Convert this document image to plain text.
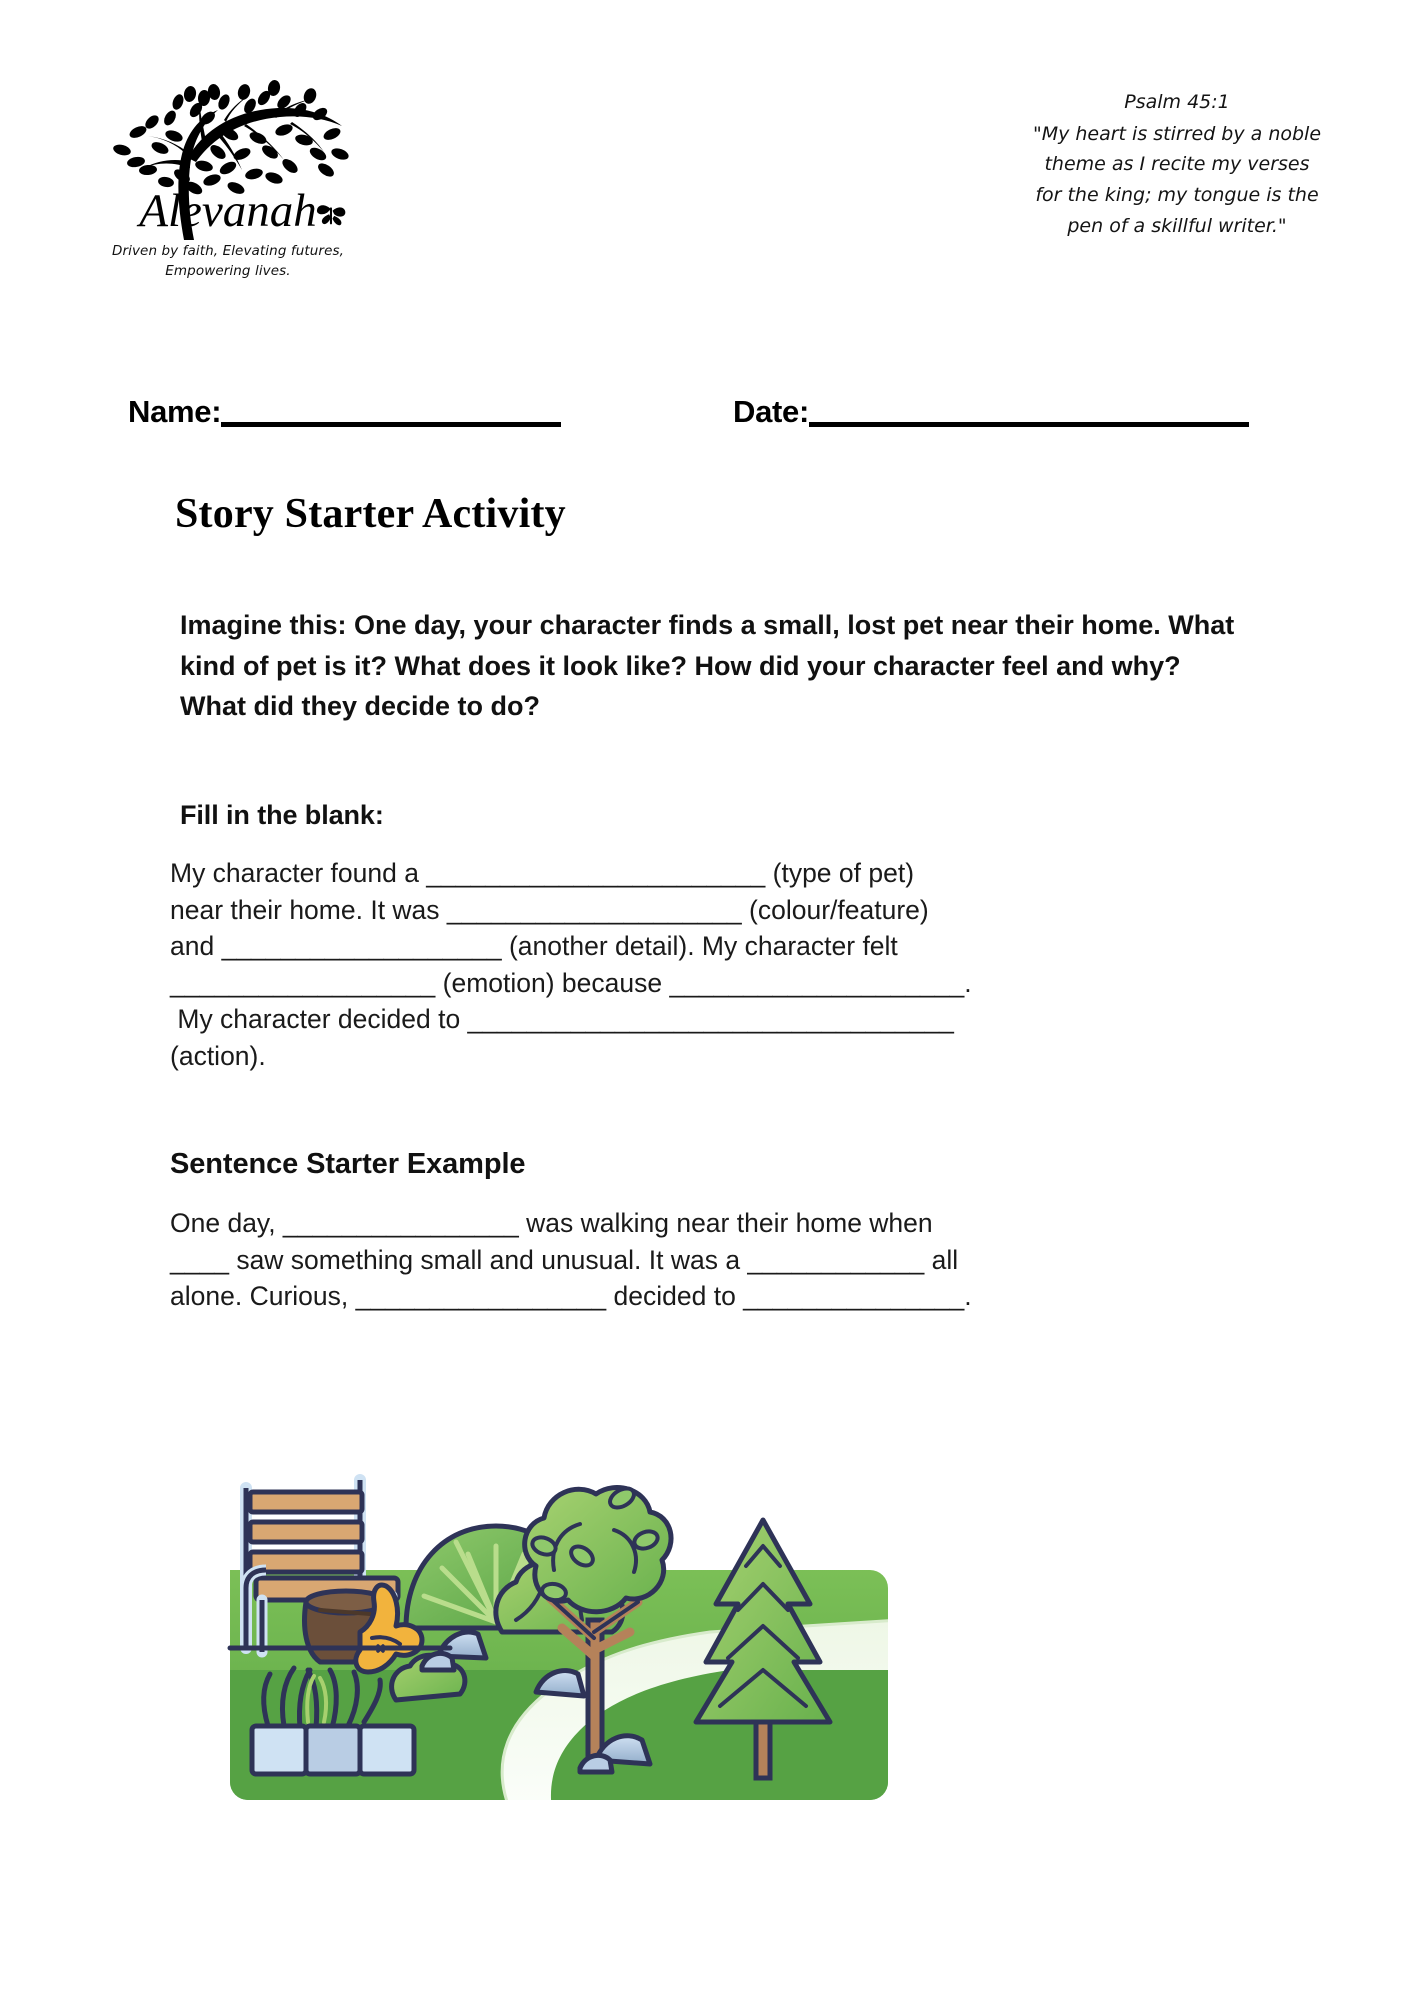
Alevanah
Driven by faith, Elevating futures,
Empowering lives.
Psalm 45:1
"My heart is stirred by a noble
theme as I recite my verses
for the king; my tongue is the
pen of a skillful writer."
Name:	Date:
Story Starter Activity
Imagine this: One day, your character finds a small, lost pet near their home. What kind of pet is it? What does it look like? How did your character feel and why? What did they decide to do?
Fill in the blank:
My character found a _______________________ (type of pet)
near their home. It was ____________________ (colour/feature)
and ___________________ (another detail). My character felt
__________________ (emotion) because ____________________.
My character decided to _________________________________
(action).
Sentence Starter Example
One day, ________________ was walking near their home when
____ saw something small and unusual. It was a ____________ all
alone. Curious, _________________ decided to _______________.
